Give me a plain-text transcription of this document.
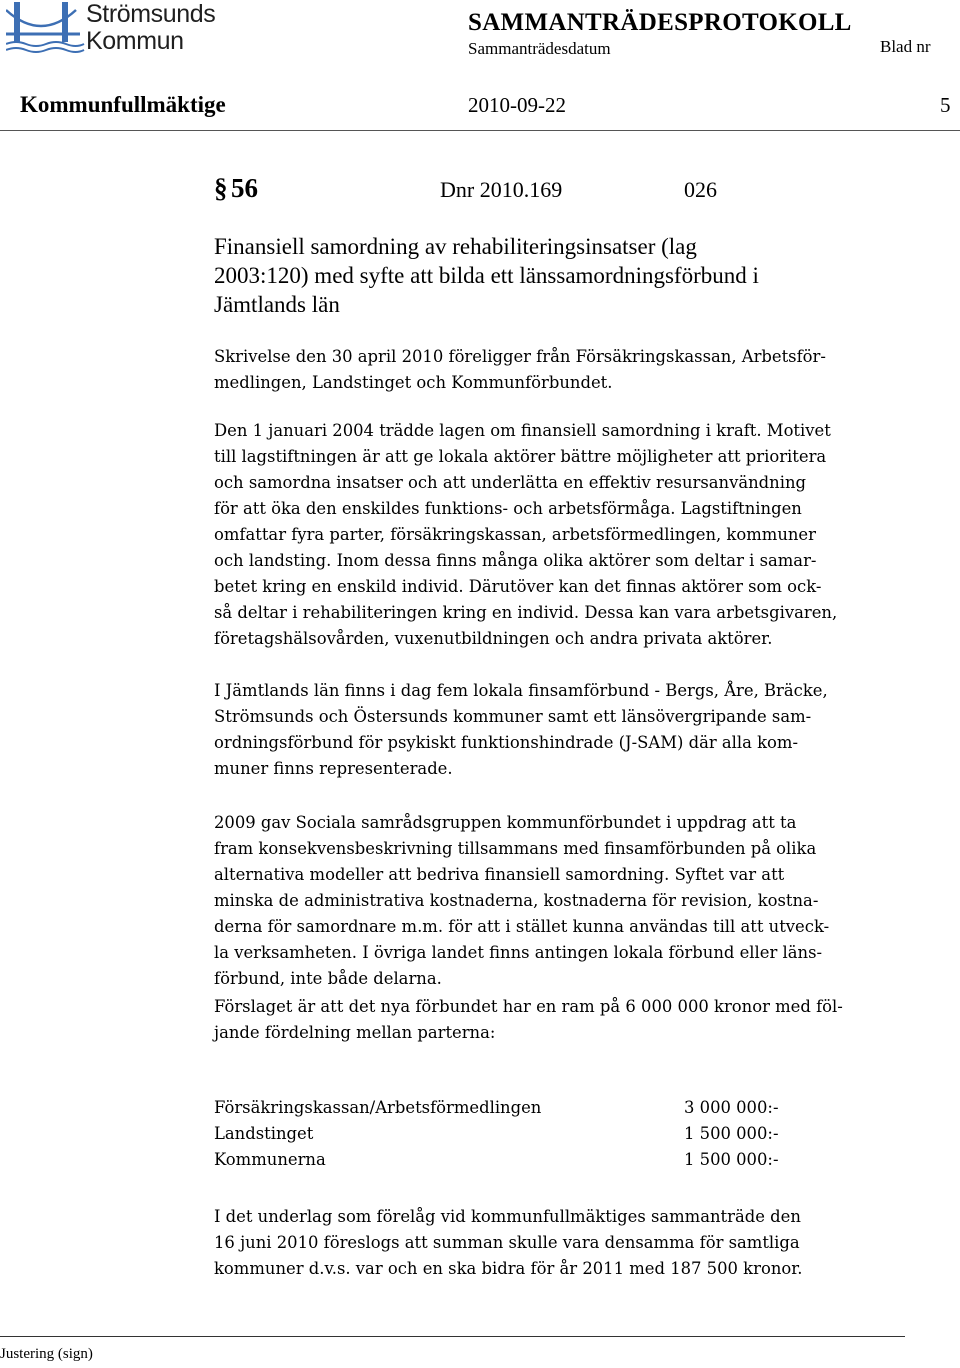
Strömsunds
Kommun
SAMMANTRÄDESPROTOKOLL
Sammanträdesdatum	Blad nr
Kommunfullmäktige	2010-09-22	5
§ 56	Dnr 2010.169	026
Finansiell samordning av rehabiliteringsinsatser (lag
2003:120) med syfte att bilda ett länssamordningsförbund i
Jämtlands län
Skrivelse den 30 april 2010 föreligger från Försäkringskassan, Arbetsför-
medlingen, Landstinget och Kommunförbundet.
Den 1 januari 2004 trädde lagen om finansiell samordning i kraft. Motivet
till lagstiftningen är att ge lokala aktörer bättre möjligheter att prioritera
och samordna insatser och att underlätta en effektiv resursanvändning
för att öka den enskildes funktions- och arbetsförmåga. Lagstiftningen
omfattar fyra parter, försäkringskassan, arbetsförmedlingen, kommuner
och landsting. Inom dessa finns många olika aktörer som deltar i samar-
betet kring en enskild individ. Därutöver kan det finnas aktörer som ock-
så deltar i rehabiliteringen kring en individ. Dessa kan vara arbetsgivaren,
företagshälsovården, vuxenutbildningen och andra privata aktörer.
I Jämtlands län finns i dag fem lokala finsamförbund - Bergs, Åre, Bräcke,
Strömsunds och Östersunds kommuner samt ett länsövergripande sam-
ordningsförbund för psykiskt funktionshindrade (J-SAM) där alla kom-
muner finns representerade.
2009 gav Sociala samrådsgruppen kommunförbundet i uppdrag att ta
fram konsekvensbeskrivning tillsammans med finsamförbunden på olika
alternativa modeller att bedriva finansiell samordning. Syftet var att
minska de administrativa kostnaderna, kostnaderna för revision, kostna-
derna för samordnare m.m. för att i stället kunna användas till att utveck-
la verksamheten. I övriga landet finns antingen lokala förbund eller läns-
förbund, inte både delarna.
Förslaget är att det nya förbundet har en ram på 6 000 000 kronor med föl-
jande fördelning mellan parterna:
Försäkringskassan/Arbetsförmedlingen	3 000 000:-
Landstinget	1 500 000:-
Kommunerna	1 500 000:-
I det underlag som förelåg vid kommunfullmäktiges sammanträde den
16 juni 2010 föreslogs att summan skulle vara densamma för samtliga
kommuner d.v.s. var och en ska bidra för år 2011 med 187 500 kronor.
Justering (sign)
